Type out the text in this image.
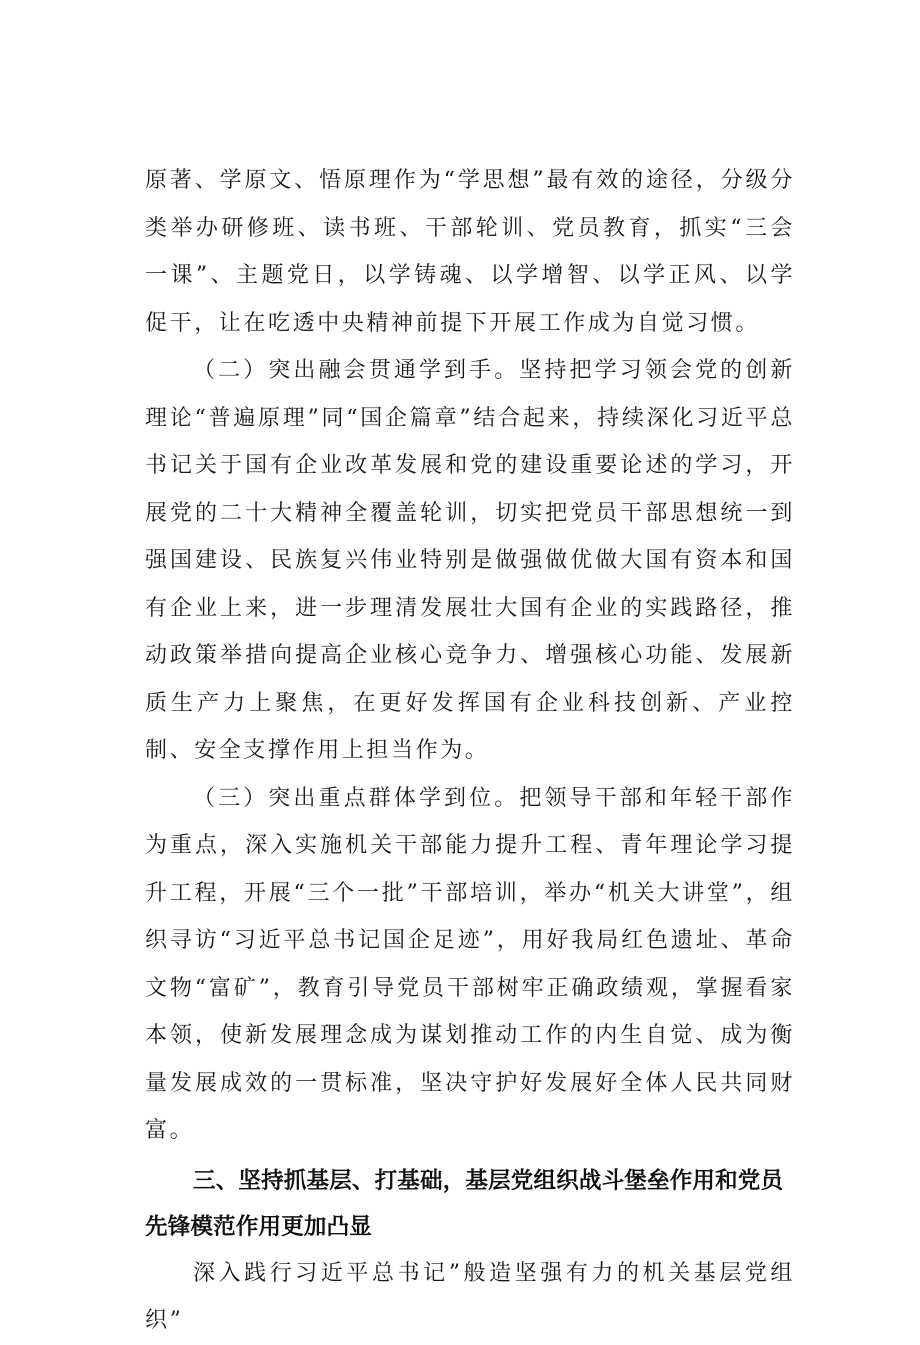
原著、学原文、悟原理作为“学思想”最有效的途径，分级分类举办研修班、读书班、干部轮训、党员教育，抓实“三会一课”、主题党日，以学铸魂、以学增智、以学正风、以学促干，让在吃透中央精神前提下开展工作成为自觉习惯。

（二）突出融会贯通学到手。坚持把学习领会党的创新理论“普遍原理”同“国企篇章”结合起来，持续深化习近平总书记关于国有企业改革发展和党的建设重要论述的学习，开展党的二十大精神全覆盖轮训，切实把党员干部思想统一到强国建设、民族复兴伟业特别是做强做优做大国有资本和国有企业上来，进一步理清发展壮大国有企业的实践路径，推动政策举措向提高企业核心竞争力、增强核心功能、发展新质生产力上聚焦，在更好发挥国有企业科技创新、产业控制、安全支撑作用上担当作为。

（三）突出重点群体学到位。把领导干部和年轻干部作为重点，深入实施机关干部能力提升工程、青年理论学习提升工程，开展“三个一批”干部培训，举办“机关大讲堂”，组织寻访“习近平总书记国企足迹”，用好我局红色遗址、革命文物“富矿”，教育引导党员干部树牢正确政绩观，掌握看家本领，使新发展理念成为谋划推动工作的内生自觉、成为衡量发展成效的一贯标准，坚决守护好发展好全体人民共同财富。

三、坚持抓基层、打基础，基层党组织战斗堡垒作用和党员先锋模范作用更加凸显

深入践行习近平总书记”般造坚强有力的机关基层党组织”
